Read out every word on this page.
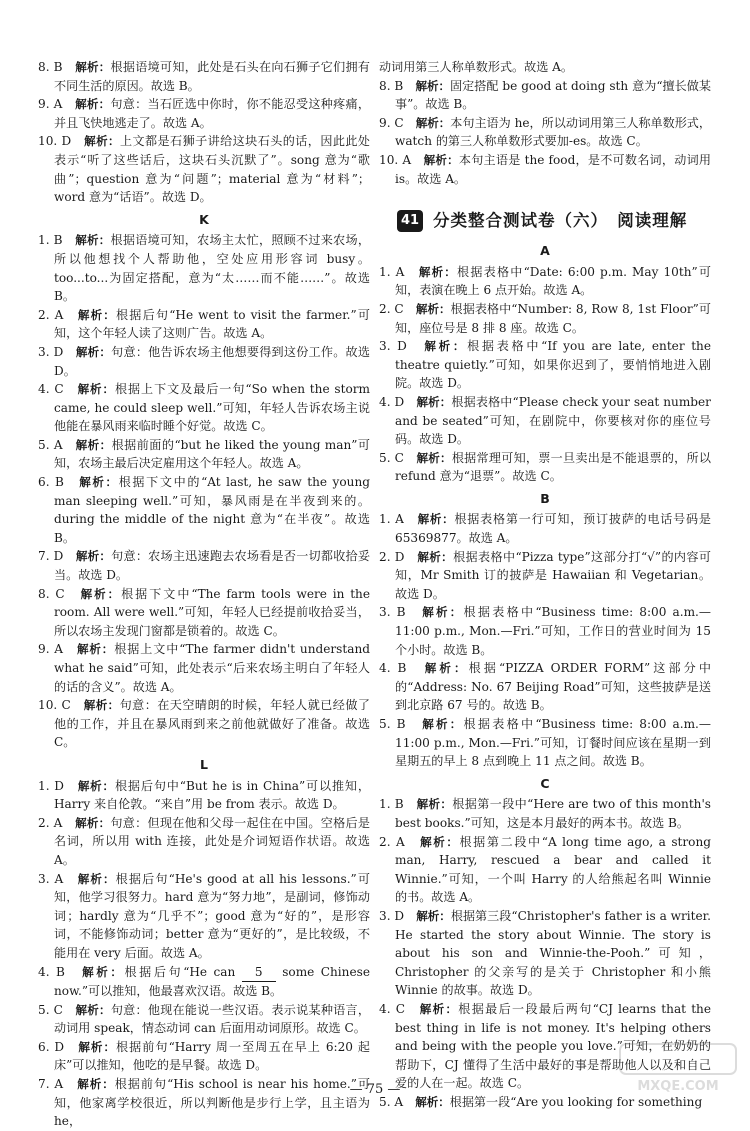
8. B　 解析：根据语境可知，此处是石头在向石狮子它们拥有不同生活的原因。故选 B。

9. A　 解析：句意：当石匠选中你时，你不能忍受这种疼痛，并且飞快地逃走了。故选 A。

10. D　 解析：上文都是石狮子讲给这块石头的话，因此此处表示“听了这些话后，这块石头沉默了”。song 意为“歌曲”；question 意为“问题”；material 意为“材料”；word 意为“话语”。故选 D。

K

1. B　 解析：根据语境可知，农场主太忙，照顾不过来农场，所以他想找个人帮助他，空处应用形容词 busy。too...to...为固定搭配，意为“太……而不能……”。故选 B。

2. A　 解析：根据后句“He went to visit the farmer.”可知，这个年轻人读了这则广告。故选 A。

3. D　 解析：句意：他告诉农场主他想要得到这份工作。故选 D。

4. C　 解析：根据上下文及最后一句“So when the storm came, he could sleep well.”可知，年轻人告诉农场主说他能在暴风雨来临时睡个好觉。故选 C。

5. A　 解析：根据前面的“but he liked the young man”可知，农场主最后决定雇用这个年轻人。故选 A。

6. B　 解析：根据下文中的“At last, he saw the young man sleeping well.”可知，暴风雨是在半夜到来的。during the middle of the night 意为“在半夜”。故选 B。

7. D　 解析：句意：农场主迅速跑去农场看是否一切都收拾妥当。故选 D。

8. C　 解析：根据下文中“The farm tools were in the room. All were well.”可知，年轻人已经提前收拾妥当，所以农场主发现门窗都是锁着的。故选 C。

9. A　 解析：根据上文中“The farmer didn't understand what he said”可知，此处表示“后来农场主明白了年轻人的话的含义”。故选 A。

10. C　 解析：句意：在天空晴朗的时候，年轻人就已经做了他的工作，并且在暴风雨到来之前他就做好了准备。故选 C。

L

1. D　 解析：根据后句中“But he is in China”可以推知，Harry 来自伦敦。“来自”用 be from 表示。故选 D。

2. A　 解析：句意：但现在他和父母一起住在中国。空格后是名词，所以用 with 连接，此处是介词短语作状语。故选 A。

3. A　 解析：根据后句“He's good at all his lessons.”可知，他学习很努力。hard 意为“努力地”，是副词，修饰动词；hardly 意为“几乎不”；good 意为“好的”，是形容词，不能修饰动词；better 意为“更好的”，是比较级，不能用在 very 后面。故选 A。

4. B　 解析：根据后句“He can 5 some Chinese now.”可以推知，他最喜欢汉语。故选 B。

5. C　 解析：句意：他现在能说一些汉语。表示说某种语言，动词用 speak，情态动词 can 后面用动词原形。故选 C。

6. D　 解析：根据前句“Harry 周一至周五在早上 6:20 起床”可以推知，他吃的是早餐。故选 D。

7. A　 解析：根据前句“His school is near his home.”可知，他家离学校很近，所以判断他是步行上学，且主语为 he，

动词用第三人称单数形式。故选 A。

8. B　 解析：固定搭配 be good at doing sth 意为“擅长做某事”。故选 B。

9. C　 解析：本句主语为 he，所以动词用第三人称单数形式，watch 的第三人称单数形式要加-es。故选 C。

10. A　 解析：本句主语是 the food，是不可数名词，动词用 is。故选 A。

41 分类整合测试卷（六）　阅读理解
A

1. A　 解析：根据表格中“Date: 6:00 p.m. May 10th”可知，表演在晚上 6 点开始。故选 A。

2. C　 解析：根据表格中“Number: 8, Row 8, 1st Floor”可知，座位号是 8 排 8 座。故选 C。

3. D　 解析：根据表格中“If you are late, enter the theatre quietly.”可知，如果你迟到了，要悄悄地进入剧院。故选 D。

4. D　 解析：根据表格中“Please check your seat number and be seated”可知，在剧院中，你要核对你的座位号码。故选 D。

5. C　 解析：根据常理可知，票一旦卖出是不能退票的，所以 refund 意为“退票”。故选 C。

B

1. A　 解析：根据表格第一行可知，预订披萨的电话号码是 65369877。故选 A。

2. D　 解析：根据表格中“Pizza type”这部分打“√”的内容可知，Mr Smith 订的披萨是 Hawaiian 和 Vegetarian。故选 D。

3. B　 解析：根据表格中“Business time: 8:00 a.m.—11:00 p.m., Mon.—Fri.”可知，工作日的营业时间为 15 个小时。故选 B。

4. B　 解析：根据“PIZZA ORDER FORM”这部分中的“Address: No. 67 Beijing Road”可知，这些披萨是送到北京路 67 号的。故选 B。

5. B　 解析：根据表格中“Business time: 8:00 a.m.—11:00 p.m., Mon.—Fri.”可知，订餐时间应该在星期一到星期五的早上 8 点到晚上 11 点之间。故选 B。

C

1. B　 解析：根据第一段中“Here are two of this month's best books.”可知，这是本月最好的两本书。故选 B。

2. A　 解析：根据第二段中“A long time ago, a strong man, Harry, rescued a bear and called it Winnie.”可知，一个叫 Harry 的人给熊起名叫 Winnie 的书。故选 A。

3. D　 解析：根据第三段“Christopher's father is a writer. He started the story about Winnie. The story is about his son and Winnie-the-Pooh.”可知，Christopher 的父亲写的是关于 Christopher 和小熊 Winnie 的故事。故选 D。

4. C　 解析：根据最后一段最后两句“CJ learns that the best thing in life is not money. It's helping others and being with the people you love.”可知，在奶奶的帮助下，CJ 懂得了生活中最好的事是帮助他人以及和自己爱的人在一起。故选 C。

5. A　 解析：根据第一段“Are you looking for something

— 75 —	MXQE.COM
